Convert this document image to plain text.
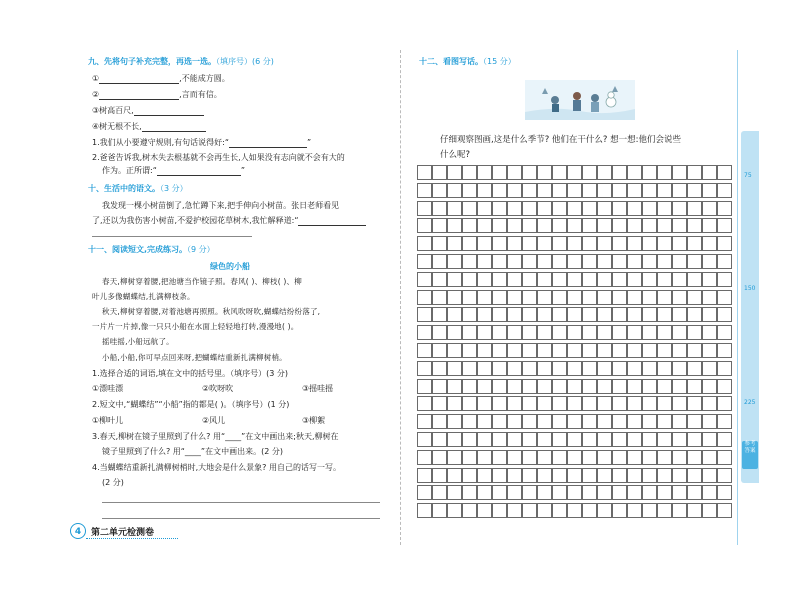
九、先将句子补充完整，再选一选。（填序号）(6 分)
①	,不能成方圆。
②	,言而有信。
③树高百尺,
④树无根不长,
1.我们从小要遵守规则,有句话说得好:“	”
2.爸爸告诉我,树木失去根基就不会再生长,人如果没有志向就不会有大的
作为。正所谓:“	”
十、生活中的语文。（3 分）
我发现一棵小树苗倒了,急忙蹲下来,把手伸向小树苗。张日老师看见
了,还以为我伤害小树苗,不爱护校园花草树木,我忙解释道:“
十一、阅读短文,完成练习。（9 分）
绿色的小船
春天,柳树穿着腰,把池塘当作镜子照。春风( )、柳枝( )、柳
叶儿多像蝴蝶结,扎满柳枝条。
秋天,柳树穿着腰,对着池塘再照照。秋风吹呀吹,蝴蝶结纷纷落了,
一片片一片掉,像一只只小船在水面上轻轻地打转,漫漫地( )。
摇哇摇,小船远航了。
小船,小船,你可早点回来呀,把蝴蝶结重新扎满柳树梢。
1.选择合适的词语,填在文中的括号里。（填序号）(3 分)
①漂哇漂	②吹呀吹	③摇哇摇
2.短文中,“蝴蝶结”“小船”指的都是( )。（填序号）(1 分)
①柳叶儿	②风儿	③柳絮
3.春天,柳树在镜子里照到了什么? 用“____”在文中画出来;秋天,柳树在
镜子里照到了什么? 用“____”在文中画出来。(2 分)
4.当蝴蝶结重新扎满柳树梢时,大地会是什么景象? 用自己的话写一写。
(2 分)
4	第二单元检测卷
十二、看图写话。（15 分）
仔细观察图画,这是什么季节? 他们在干什么? 想一想:他们会说些
什么呢?
75
150
225
参考答案
